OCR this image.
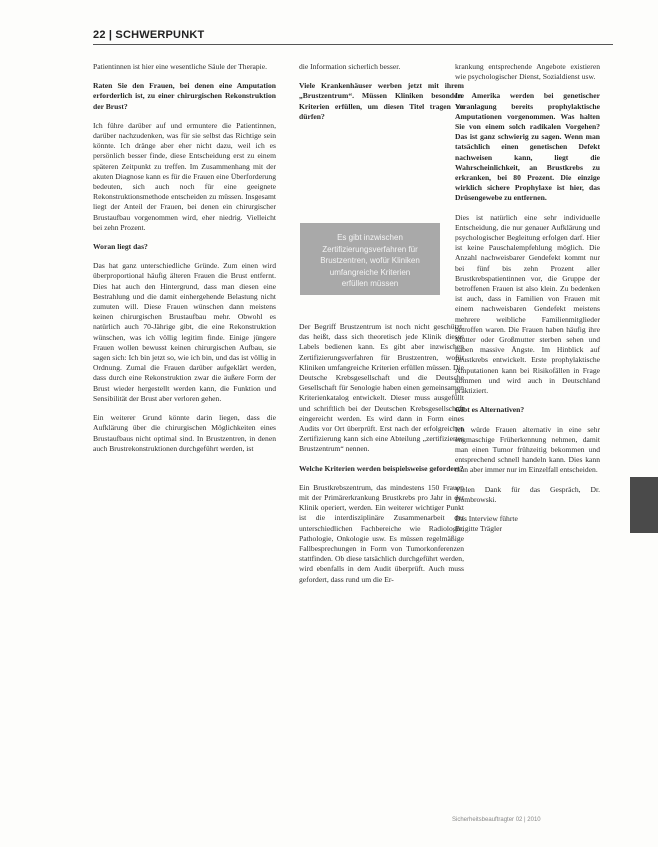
22 | SCHWERPUNKT

Patientinnen ist hier eine wesentliche Säule der Therapie.

Raten Sie den Frauen, bei denen eine Amputation erforderlich ist, zu einer chirurgischen Rekonstruktion der Brust?

Ich führe darüber auf und ermuntere die Patientinnen, darüber nachzudenken, was für sie selbst das Richtige sein könnte. Ich dränge aber eher nicht dazu, weil ich es persönlich besser finde, diese Entscheidung erst zu einem späteren Zeitpunkt zu treffen. Im Zusammenhang mit der akuten Diagnose kann es für die Frauen eine Überforderung bedeuten, sich auch noch für eine geeignete Rekonstruktionsmethode entscheiden zu müssen. Insgesamt liegt der Anteil der Frauen, bei denen ein chirurgischer Brustaufbau vorgenommen wird, eher niedrig. Vielleicht bei zehn Prozent.

Woran liegt das?

Das hat ganz unterschiedliche Gründe. Zum einen wird überproportional häufig älteren Frauen die Brust entfernt. Dies hat auch den Hintergrund, dass man diesen eine Bestrahlung und die damit einhergehende Belastung nicht zumuten will. Diese Frauen wünschen dann meistens keinen chirurgischen Brustaufbau mehr. Obwohl es natürlich auch 70-Jährige gibt, die eine Rekonstruktion wünschen, was ich völlig legitim finde. Einige jüngere Frauen wollen bewusst keinen chirurgischen Aufbau, sie sagen sich: Ich bin jetzt so, wie ich bin, und das ist völlig in Ordnung. Zumal die Frauen darüber aufgeklärt werden, dass durch eine Rekonstruktion zwar die äußere Form der Brust wieder hergestellt werden kann, die Funktion und Sensibilität der Brust aber verloren gehen.

Ein weiterer Grund könnte darin liegen, dass die Aufklärung über die chirurgischen Möglichkeiten eines Brustaufbaus nicht optimal sind. In Brustzentren, in denen auch Brustrekonstruktionen durchgeführt werden, ist

die Information sicherlich besser.

Viele Krankenhäuser werben jetzt mit ihrem „Brustzentrum“. Müssen Kliniken besondere Kriterien erfüllen, um diesen Titel tragen zu dürfen?

Es gibt inzwischen
Zertifizierungsverfahren für
Brustzentren, wofür Kliniken
umfangreiche Kriterien
erfüllen müssen

Der Begriff Brustzentrum ist noch nicht geschützt, das heißt, dass sich theoretisch jede Klinik dieses Labels bedienen kann. Es gibt aber inzwischen Zertifizierungsverfahren für Brustzentren, wofür Kliniken umfangreiche Kriterien erfüllen müssen. Die Deutsche Krebsgesellschaft und die Deutsche Gesellschaft für Senologie haben einen gemeinsamen Kriterienkatalog entwickelt. Dieser muss ausgefüllt und schriftlich bei der Deutschen Krebsgesellschaft eingereicht werden. Es wird dann in Form eines Audits vor Ort überprüft. Erst nach der erfolgreichen Zertifizierung kann sich eine Abteilung „zertifiziertes Brustzentrum“ nennen.

Welche Kriterien werden beispielsweise gefordert?

Ein Brustkrebszentrum, das mindestens 150 Frauen mit der Primärerkrankung Brustkrebs pro Jahr in der Klinik operiert, werden. Ein weiterer wichtiger Punkt ist die interdisziplinäre Zusammenarbeit der unterschiedlichen Fachbereiche wie Radiologie, Pathologie, Onkologie usw. Es müssen regelmäßige Fallbesprechungen in Form von Tumorkonferenzen stattfinden. Ob diese tatsächlich durchgeführt werden, wird ebenfalls in dem Audit überprüft. Auch muss gefordert, dass rund um die Er-

krankung entsprechende Angebote existieren wie psychologischer Dienst, Sozialdienst usw.

In Amerika werden bei genetischer Veranlagung bereits prophylaktische Amputationen vorgenommen. Was halten Sie von einem solch radikalen Vorgehen? Das ist ganz schwierig zu sagen. Wenn man tatsächlich einen genetischen Defekt nachweisen kann, liegt die Wahrscheinlichkeit, an Brustkrebs zu erkranken, bei 80 Prozent. Die einzige wirklich sichere Prophylaxe ist hier, das Drüsengewebe zu entfernen.

Dies ist natürlich eine sehr individuelle Entscheidung, die nur genauer Aufklärung und psychologischer Begleitung erfolgen darf. Hier ist keine Pauschalempfehlung möglich. Die Anzahl nachweisbarer Gendefekt kommt nur bei fünf bis zehn Prozent aller Brustkrebspatientinnen vor, die Gruppe der betroffenen Frauen ist also klein. Zu bedenken ist auch, dass in Familien von Frauen mit einem nachweisbaren Gendefekt meistens mehrere weibliche Familienmitglieder betroffen waren. Die Frauen haben häufig ihre Mutter oder Großmutter sterben sehen und haben massive Ängste. Im Hinblick auf Brustkrebs entwickelt. Erste prophylaktische Amputationen kann bei Risikofällen in Frage kommen und wird auch in Deutschland praktiziert.

Gibt es Alternativen?

Ich würde Frauen alternativ in eine sehr engmaschige Früherkennung nehmen, damit man einen Tumor frühzeitig bekommen und entsprechend schnell handeln kann. Dies kann man aber immer nur im Einzelfall entscheiden.

Vielen Dank für das Gespräch, Dr. Dombrowski.

Das Interview führte
Brigitte Trägler

Sicherheitsbeauftragter 02 | 2010
